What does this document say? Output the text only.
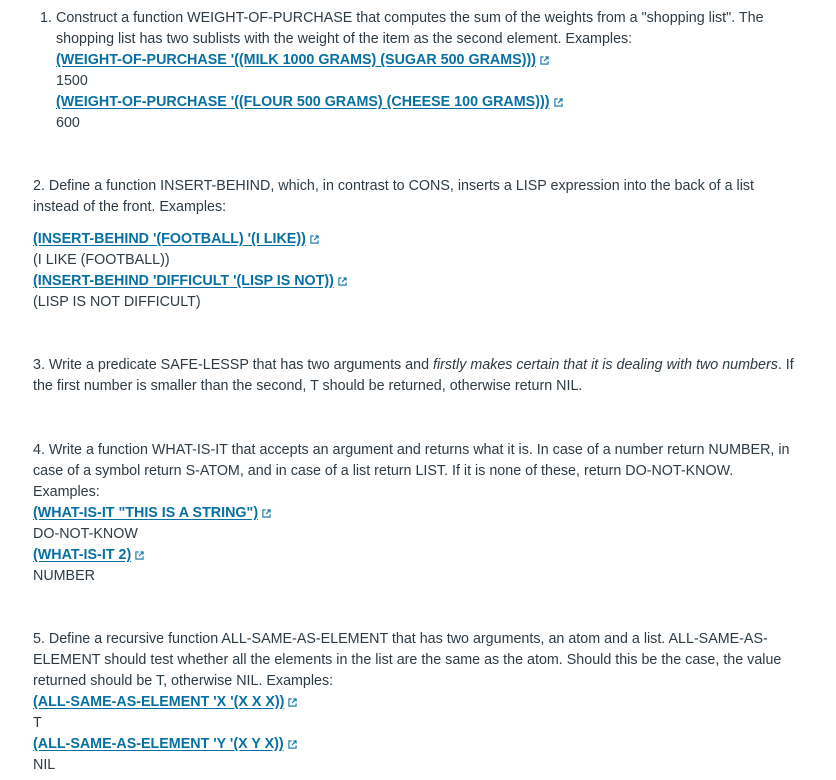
1. Construct a function WEIGHT-OF-PURCHASE that computes the sum of the weights from a "shopping list". The shopping list has two sublists with the weight of the item as the second element. Examples:

(WEIGHT-OF-PURCHASE '((MILK 1000 GRAMS) (SUGAR 500 GRAMS)))

1500

(WEIGHT-OF-PURCHASE '((FLOUR 500 GRAMS) (CHEESE 100 GRAMS)))

600

2. Define a function INSERT-BEHIND, which, in contrast to CONS, inserts a LISP expression into the back of a list instead of the front. Examples:

(INSERT-BEHIND '(FOOTBALL) '(I LIKE))

(I LIKE (FOOTBALL))

(INSERT-BEHIND 'DIFFICULT '(LISP IS NOT))

(LISP IS NOT DIFFICULT)

3. Write a predicate SAFE-LESSP that has two arguments and firstly makes certain that it is dealing with two numbers. If the first number is smaller than the second, T should be returned, otherwise return NIL.

4. Write a function WHAT-IS-IT that accepts an argument and returns what it is. In case of a number return NUMBER, in case of a symbol return S-ATOM, and in case of a list return LIST. If it is none of these, return DO-NOT-KNOW. Examples:

(WHAT-IS-IT "THIS IS A STRING")

DO-NOT-KNOW

(WHAT-IS-IT 2)

NUMBER

5. Define a recursive function ALL-SAME-AS-ELEMENT that has two arguments, an atom and a list. ALL-SAME-AS-ELEMENT should test whether all the elements in the list are the same as the atom. Should this be the case, the value returned should be T, otherwise NIL. Examples:

(ALL-SAME-AS-ELEMENT 'X '(X X X))

T

(ALL-SAME-AS-ELEMENT 'Y '(X Y X))

NIL
